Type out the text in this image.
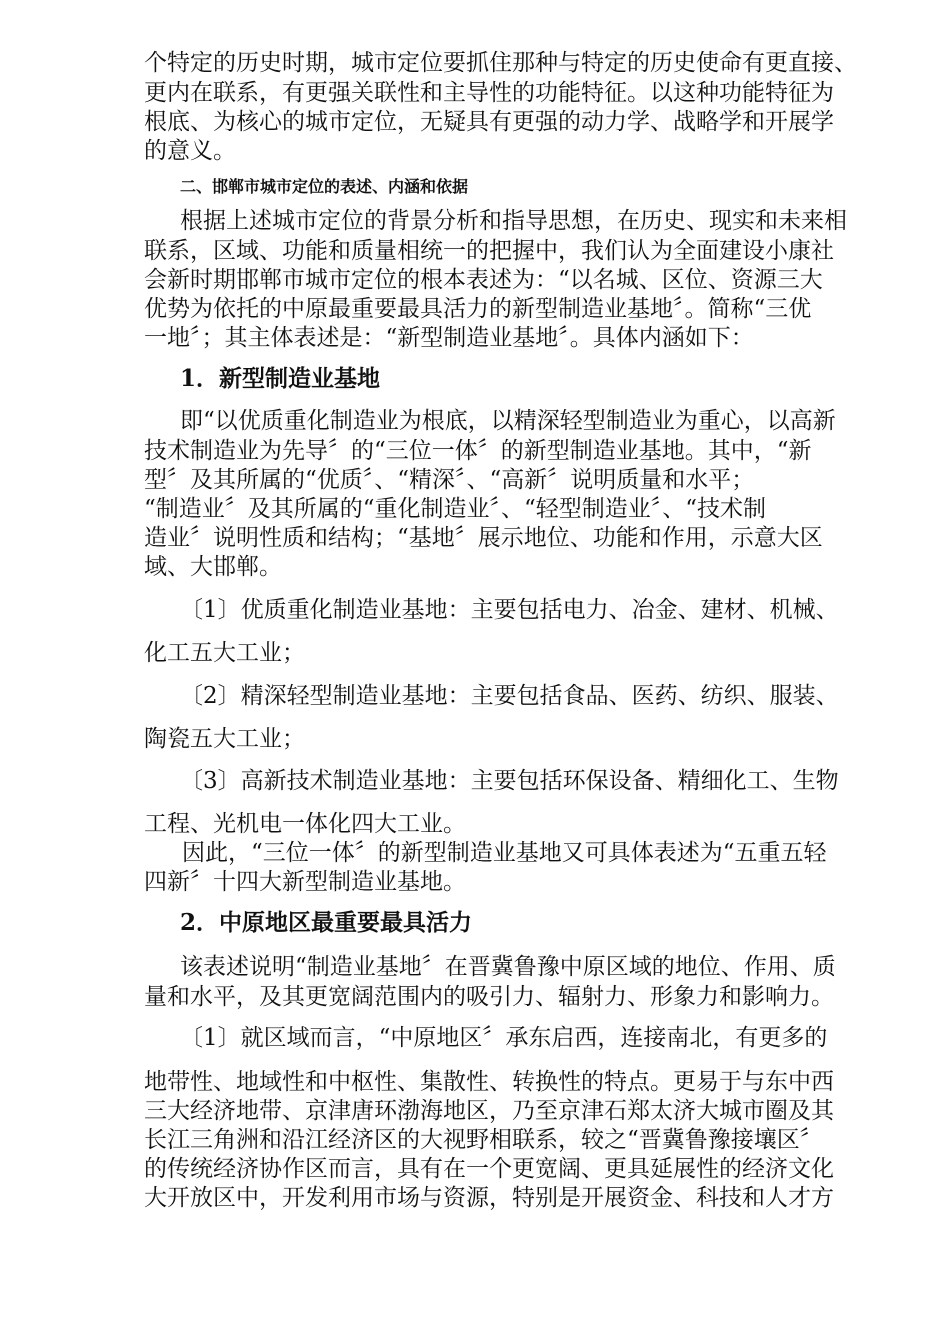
个特定的历史时期，城市定位要抓住那种与特定的历史使命有更直接、
更内在联系，有更强关联性和主导性的功能特征。以这种功能特征为
根底、为核心的城市定位，无疑具有更强的动力学、战略学和开展学
的意义。
二、邯郸市城市定位的表述、内涵和依据
根据上述城市定位的背景分析和指导思想，在历史、现实和未来相
联系，区域、功能和质量相统一的把握中，我们认为全面建设小康社
会新时期邯郸市城市定位的根本表述为：“以名城、区位、资源三大
优势为依托的中原最重要最具活力的新型制造业基地〞。简称“三优
一地〞；其主体表述是：“新型制造业基地〞。具体内涵如下：
1．新型制造业基地
即“以优质重化制造业为根底，以精深轻型制造业为重心，以高新
技术制造业为先导〞的“三位一体〞的新型制造业基地。其中，“新
型〞及其所属的“优质〞、“精深〞、“高新〞说明质量和水平；
“制造业〞及其所属的“重化制造业〞、“轻型制造业〞、“技术制
造业〞说明性质和结构；“基地〞展示地位、功能和作用，示意大区
域、大邯郸。
〔1〕优质重化制造业基地：主要包括电力、冶金、建材、机械、
化工五大工业；
〔2〕精深轻型制造业基地：主要包括食品、医药、纺织、服装、
陶瓷五大工业；
〔3〕高新技术制造业基地：主要包括环保设备、精细化工、生物
工程、光机电一体化四大工业。
因此，“三位一体〞的新型制造业基地又可具体表述为“五重五轻
四新〞十四大新型制造业基地。
2．中原地区最重要最具活力
该表述说明“制造业基地〞在晋冀鲁豫中原区域的地位、作用、质
量和水平，及其更宽阔范围内的吸引力、辐射力、形象力和影响力。
〔1〕就区域而言，“中原地区〞承东启西，连接南北，有更多的
地带性、地域性和中枢性、集散性、转换性的特点。更易于与东中西
三大经济地带、京津唐环渤海地区，乃至京津石郑太济大城市圈及其
长江三角洲和沿江经济区的大视野相联系，较之“晋冀鲁豫接壤区〞
的传统经济协作区而言，具有在一个更宽阔、更具延展性的经济文化
大开放区中，开发利用市场与资源，特别是开展资金、科技和人才方
